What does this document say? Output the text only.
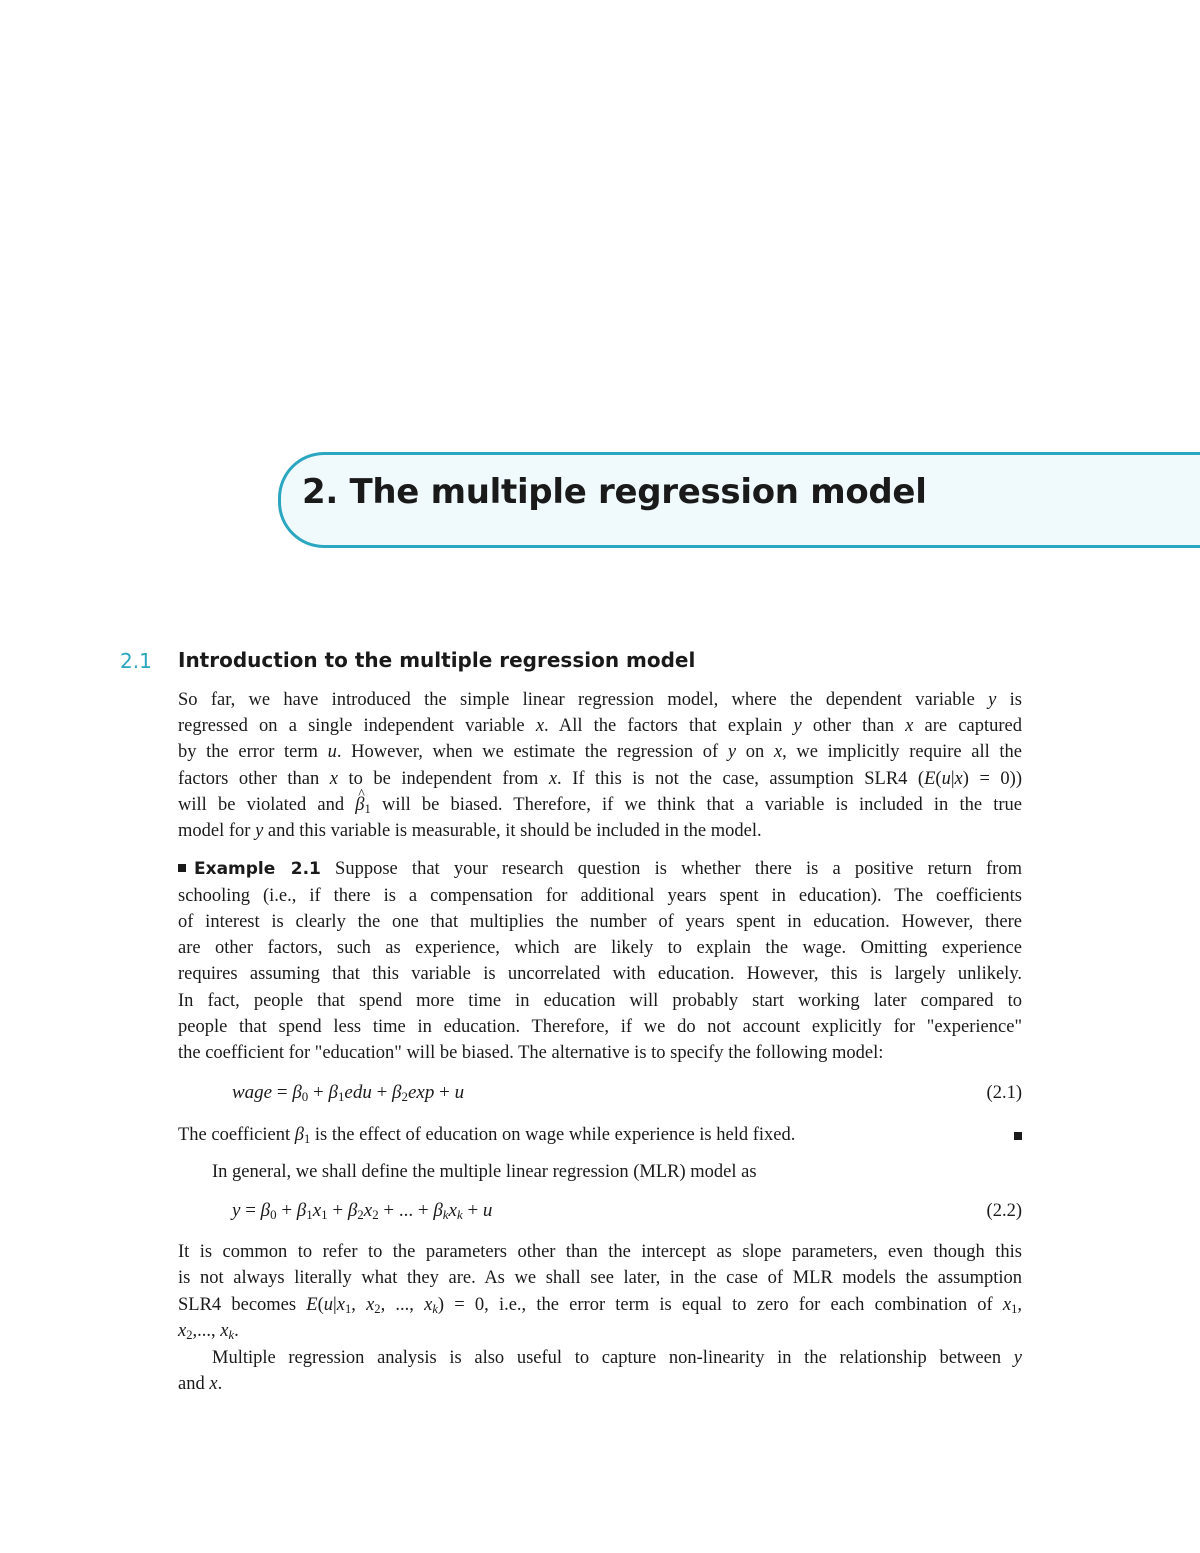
2. The multiple regression model
2.1 Introduction to the multiple regression model
So far, we have introduced the simple linear regression model, where the dependent variable y is
regressed on a single independent variable x. All the factors that explain y other than x are captured
by the error term u. However, when we estimate the regression of y on x, we implicitly require all the
factors other than x to be independent from x. If this is not the case, assumption SLR4 (E(u|x) = 0))
will be violated and ^ $\beta_1$ will be biased. Therefore, if we think that a variable is included in the true
model for y and this variable is measurable, it should be included in the model.
Example 2.1 Suppose that your research question is whether there is a positive return from
schooling (i.e., if there is a compensation for additional years spent in education). The coefficients
of interest is clearly the one that multiplies the number of years spent in education. However, there
are other factors, such as experience, which are likely to explain the wage. Omitting experience
requires assuming that this variable is uncorrelated with education. However, this is largely unlikely.
In fact, people that spend more time in education will probably start working later compared to
people that spend less time in education. Therefore, if we do not account explicitly for "experience"
the coefficient for "education" will be biased. The alternative is to specify the following model:
wage = $\beta_0 + \beta_1edu + \beta_2\exp + u$	(2.1)
The coefficient $\beta_1$ is the effect of education on wage while experience is held fixed.
In general, we shall define the multiple linear regression (MLR) model as
$y = \beta_0 + \beta_1x_1 + \beta_2x_2$ + ... + $\beta_kx_k + u$	(2.2)
It is common to refer to the parameters other than the intercept as slope parameters, even though this
is not always literally what they are. As we shall see later, in the case of MLR models the assumption
SLR4 becomes $E(u|x_1$, $x_2$, ..., $x_k) = 0$, i.e., the error term is equal to zero for each combination of $x_1$,
$x_2$,..., $x_k$.
Multiple regression analysis is also useful to capture non-linearity in the relationship between y
and x.
